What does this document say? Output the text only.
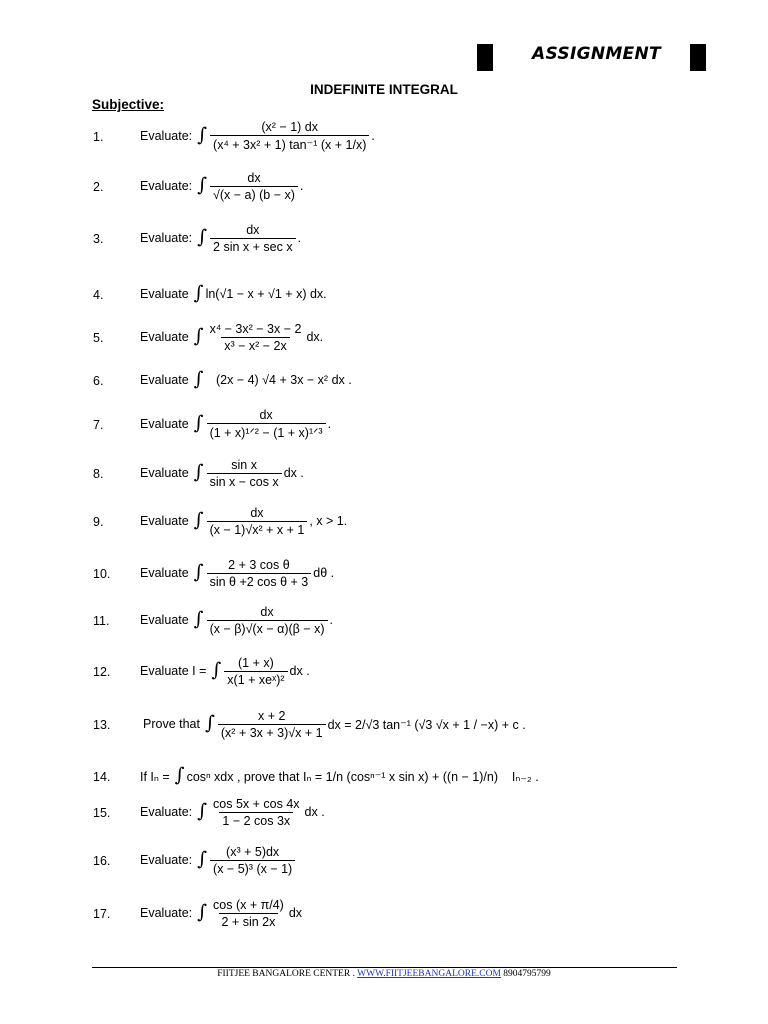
ASSIGNMENT
INDEFINITE INTEGRAL
Subjective:
1.	Evaluate: ∫ $\frac{\text{(x² − 1) dx}}{\text{(x⁴ + 3x² + 1) tan⁻¹ (x + 1/x)}}$ .
2.	Evaluate: ∫ $\frac{dx}{√(x - a) (b - x)}$ .
3.	Evaluate: ∫ $\frac{dx}{\text{2 sin x + sec x}}$ .
4.	Evaluate ∫ ln(√1 − x + √1 + x) dx.
5.	Evaluate ∫ $\frac{\text{x⁴ − 3x² − 3x − 2}}{\text{x³ − x² − 2x}}$ dx.
6.	Evaluate ∫ (2x − 4) √4 + 3x − x² dx .
7.	Evaluate ∫ $\frac{dx}{\text{(1 + x)¹ᐟ² − (1 + x)¹ᐟ³}}$ .
8.	Evaluate ∫ $\frac{\text{sin x}}{\text{sin x − cos x}}$ dx .
9.	Evaluate ∫ $\frac{dx}{\text{(x − 1)√x² + x + 1}}$ , x > 1.
10. Evaluate ∫ $\frac{\text{2 + 3 cos θ}}{\text{sin θ +2 cos θ + 3}}$ dθ .
11. Evaluate ∫ $\frac{dx}{(x - \beta)√(x - \alpha)(\beta - x)}$ .
12. Evaluate I = ∫ $\frac{(1 + x)}{\text{x(1 + xeˣ)²}}$ dx .
13.	Prove that ∫ $\frac{x + 2}{\text{(x² + 3x + 3)√x + 1}}$ dx = 2/√3 tan⁻¹ (√3 √x + 1 / −x) + c .
14. If Iₙ = ∫ cosⁿ xdx , prove that Iₙ = 1/n (cosⁿ⁻¹ x sin x) + ((n − 1)/n)    Iₙ₋₂ .
15. Evaluate: ∫ $\frac{\cos 5x + \cos 4x}{1 - 2 \cos 3x}$ dx .
16. Evaluate: ∫ $\frac{\text{(x³ + 5)dx}}{\text{(x − 5)³ (x − 1)}}$
17. Evaluate: ∫ $\frac{\cos (x + \pi/4)}{2 + \sin 2x}$ dx
FIITJEE BANGALORE CENTER . WWW.FIITJEEBANGALORE.COM 8904795799
